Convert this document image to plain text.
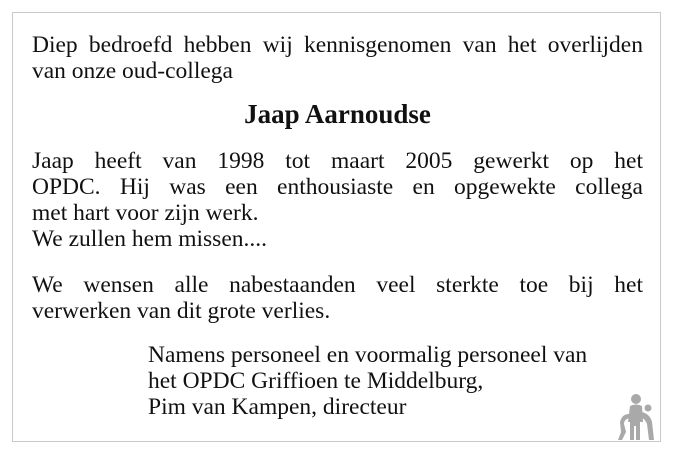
Diep bedroefd hebben wij kennisgenomen van het overlijden
van onze oud-collega
Jaap Aarnoudse
Jaap heeft van 1998 tot maart 2005 gewerkt op het
OPDC. Hij was een enthousiaste en opgewekte collega
met hart voor zijn werk.
We zullen hem missen....
We wensen alle nabestaanden veel sterkte toe bij het
verwerken van dit grote verlies.
Namens personeel en voormalig personeel van
het OPDC Griffioen te Middelburg,
Pim van Kampen, directeur
